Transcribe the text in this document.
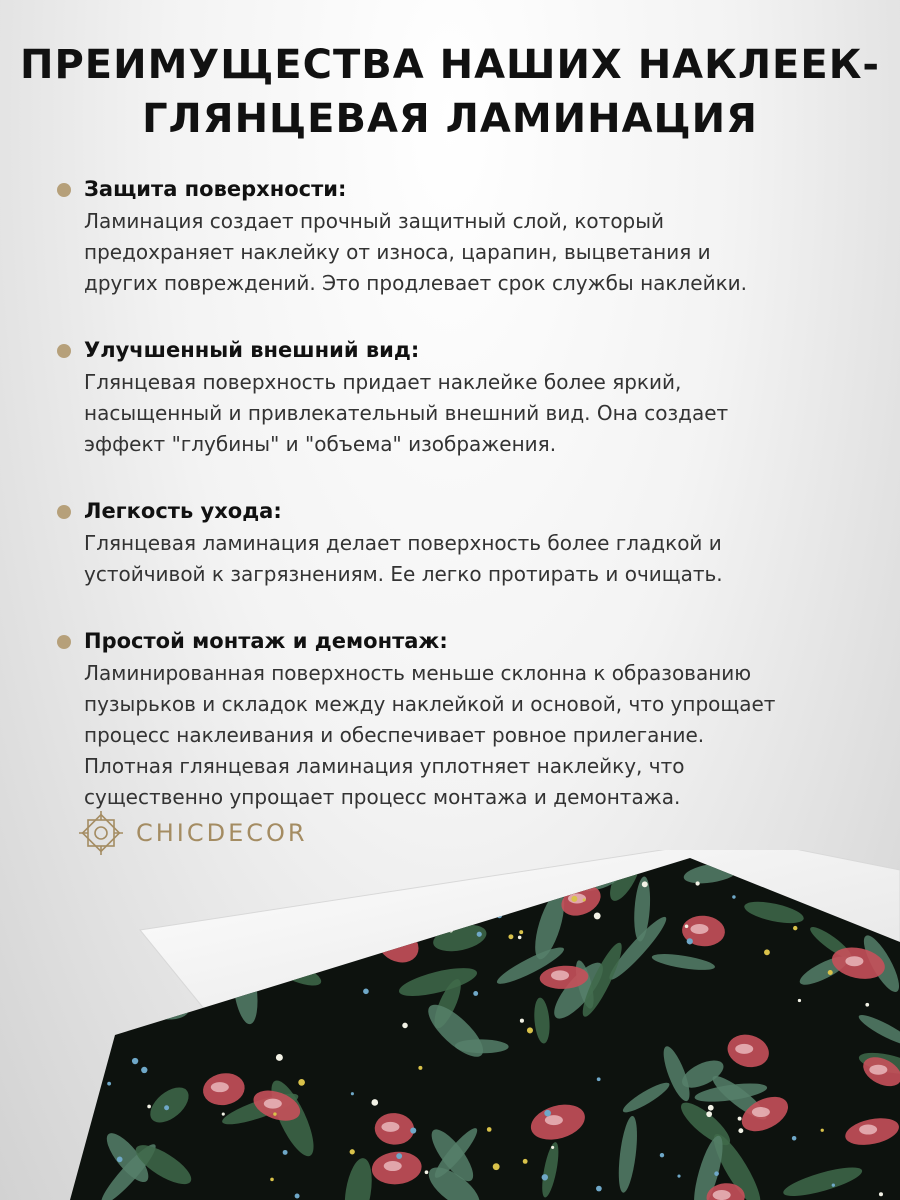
ПРЕИМУЩЕСТВА НАШИХ НАКЛЕЕК-
ГЛЯНЦЕВАЯ ЛАМИНАЦИЯ
Защита поверхности:
Ламинация создает прочный защитный слой, который
предохраняет наклейку от износа, царапин, выцветания и
других повреждений. Это продлевает срок службы наклейки.
Улучшенный внешний вид:
Глянцевая поверхность придает наклейке более яркий,
насыщенный и привлекательный внешний вид. Она создает
эффект "глубины" и "объема" изображения.
Легкость ухода:
Глянцевая ламинация делает поверхность более гладкой и
устойчивой к загрязнениям. Ее легко протирать и очищать.
Простой монтаж и демонтаж:
Ламинированная поверхность меньше склонна к образованию
пузырьков и складок между наклейкой и основой, что упрощает
процесс наклеивания и обеспечивает ровное прилегание.
Плотная глянцевая ламинация уплотняет наклейку, что
существенно упрощает процесс монтажа и демонтажа.
CHICDECOR
